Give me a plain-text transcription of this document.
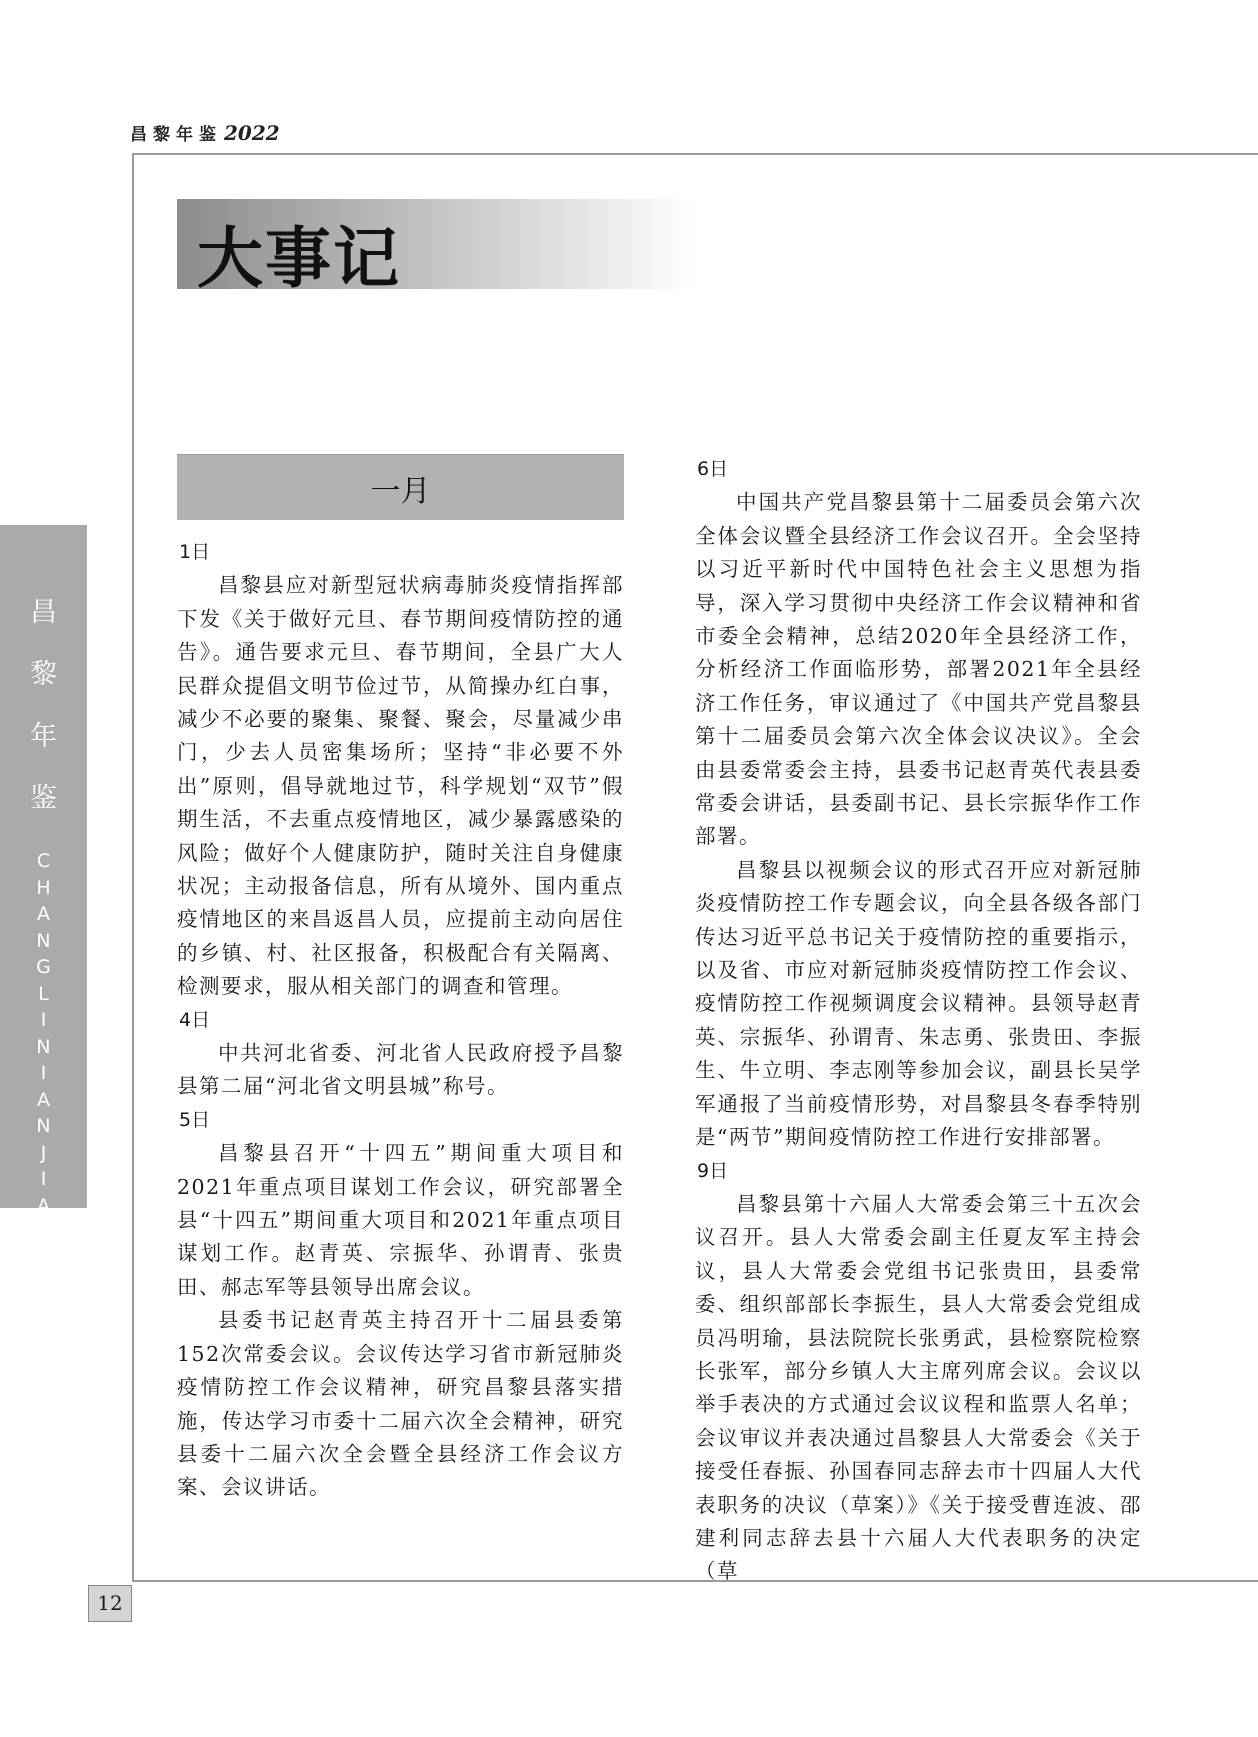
昌黎年鉴 2022
大事记
昌
黎
年
鉴
C
H
A
N
G
L
I
N
I
A
N
J
I
A
N
一月

1日

昌黎县应对新型冠状病毒肺炎疫情指挥部下发《关于做好元旦、春节期间疫情防控的通告》。通告要求元旦、春节期间，全县广大人民群众提倡文明节俭过节，从简操办红白事，减少不必要的聚集、聚餐、聚会，尽量减少串门，少去人员密集场所；坚持“非必要不外出”原则，倡导就地过节，科学规划“双节”假期生活，不去重点疫情地区，减少暴露感染的风险；做好个人健康防护，随时关注自身健康状况；主动报备信息，所有从境外、国内重点疫情地区的来昌返昌人员，应提前主动向居住的乡镇、村、社区报备，积极配合有关隔离、检测要求，服从相关部门的调查和管理。

4日

中共河北省委、河北省人民政府授予昌黎县第二届“河北省文明县城”称号。

5日

昌黎县召开“十四五”期间重大项目和2021年重点项目谋划工作会议，研究部署全县“十四五”期间重大项目和2021年重点项目谋划工作。赵青英、宗振华、孙谓青、张贵田、郝志军等县领导出席会议。

县委书记赵青英主持召开十二届县委第152次常委会议。会议传达学习省市新冠肺炎疫情防控工作会议精神，研究昌黎县落实措施，传达学习市委十二届六次全会精神，研究县委十二届六次全会暨全县经济工作会议方案、会议讲话。

6日

中国共产党昌黎县第十二届委员会第六次全体会议暨全县经济工作会议召开。全会坚持以习近平新时代中国特色社会主义思想为指导，深入学习贯彻中央经济工作会议精神和省市委全会精神，总结2020年全县经济工作，分析经济工作面临形势，部署2021年全县经济工作任务，审议通过了《中国共产党昌黎县第十二届委员会第六次全体会议决议》。全会由县委常委会主持，县委书记赵青英代表县委常委会讲话，县委副书记、县长宗振华作工作部署。

昌黎县以视频会议的形式召开应对新冠肺炎疫情防控工作专题会议，向全县各级各部门传达习近平总书记关于疫情防控的重要指示，以及省、市应对新冠肺炎疫情防控工作会议、疫情防控工作视频调度会议精神。县领导赵青英、宗振华、孙谓青、朱志勇、张贵田、李振生、牛立明、李志刚等参加会议，副县长吴学军通报了当前疫情形势，对昌黎县冬春季特别是“两节”期间疫情防控工作进行安排部署。

9日

昌黎县第十六届人大常委会第三十五次会议召开。县人大常委会副主任夏友军主持会议，县人大常委会党组书记张贵田，县委常委、组织部部长李振生，县人大常委会党组成员冯明瑜，县法院院长张勇武，县检察院检察长张军，部分乡镇人大主席列席会议。会议以举手表决的方式通过会议议程和监票人名单；会议审议并表决通过昌黎县人大常委会《关于接受任春振、孙国春同志辞去市十四届人大代表职务的决议（草案）》《关于接受曹连波、邵建利同志辞去县十六届人大代表职务的决定（草

12
